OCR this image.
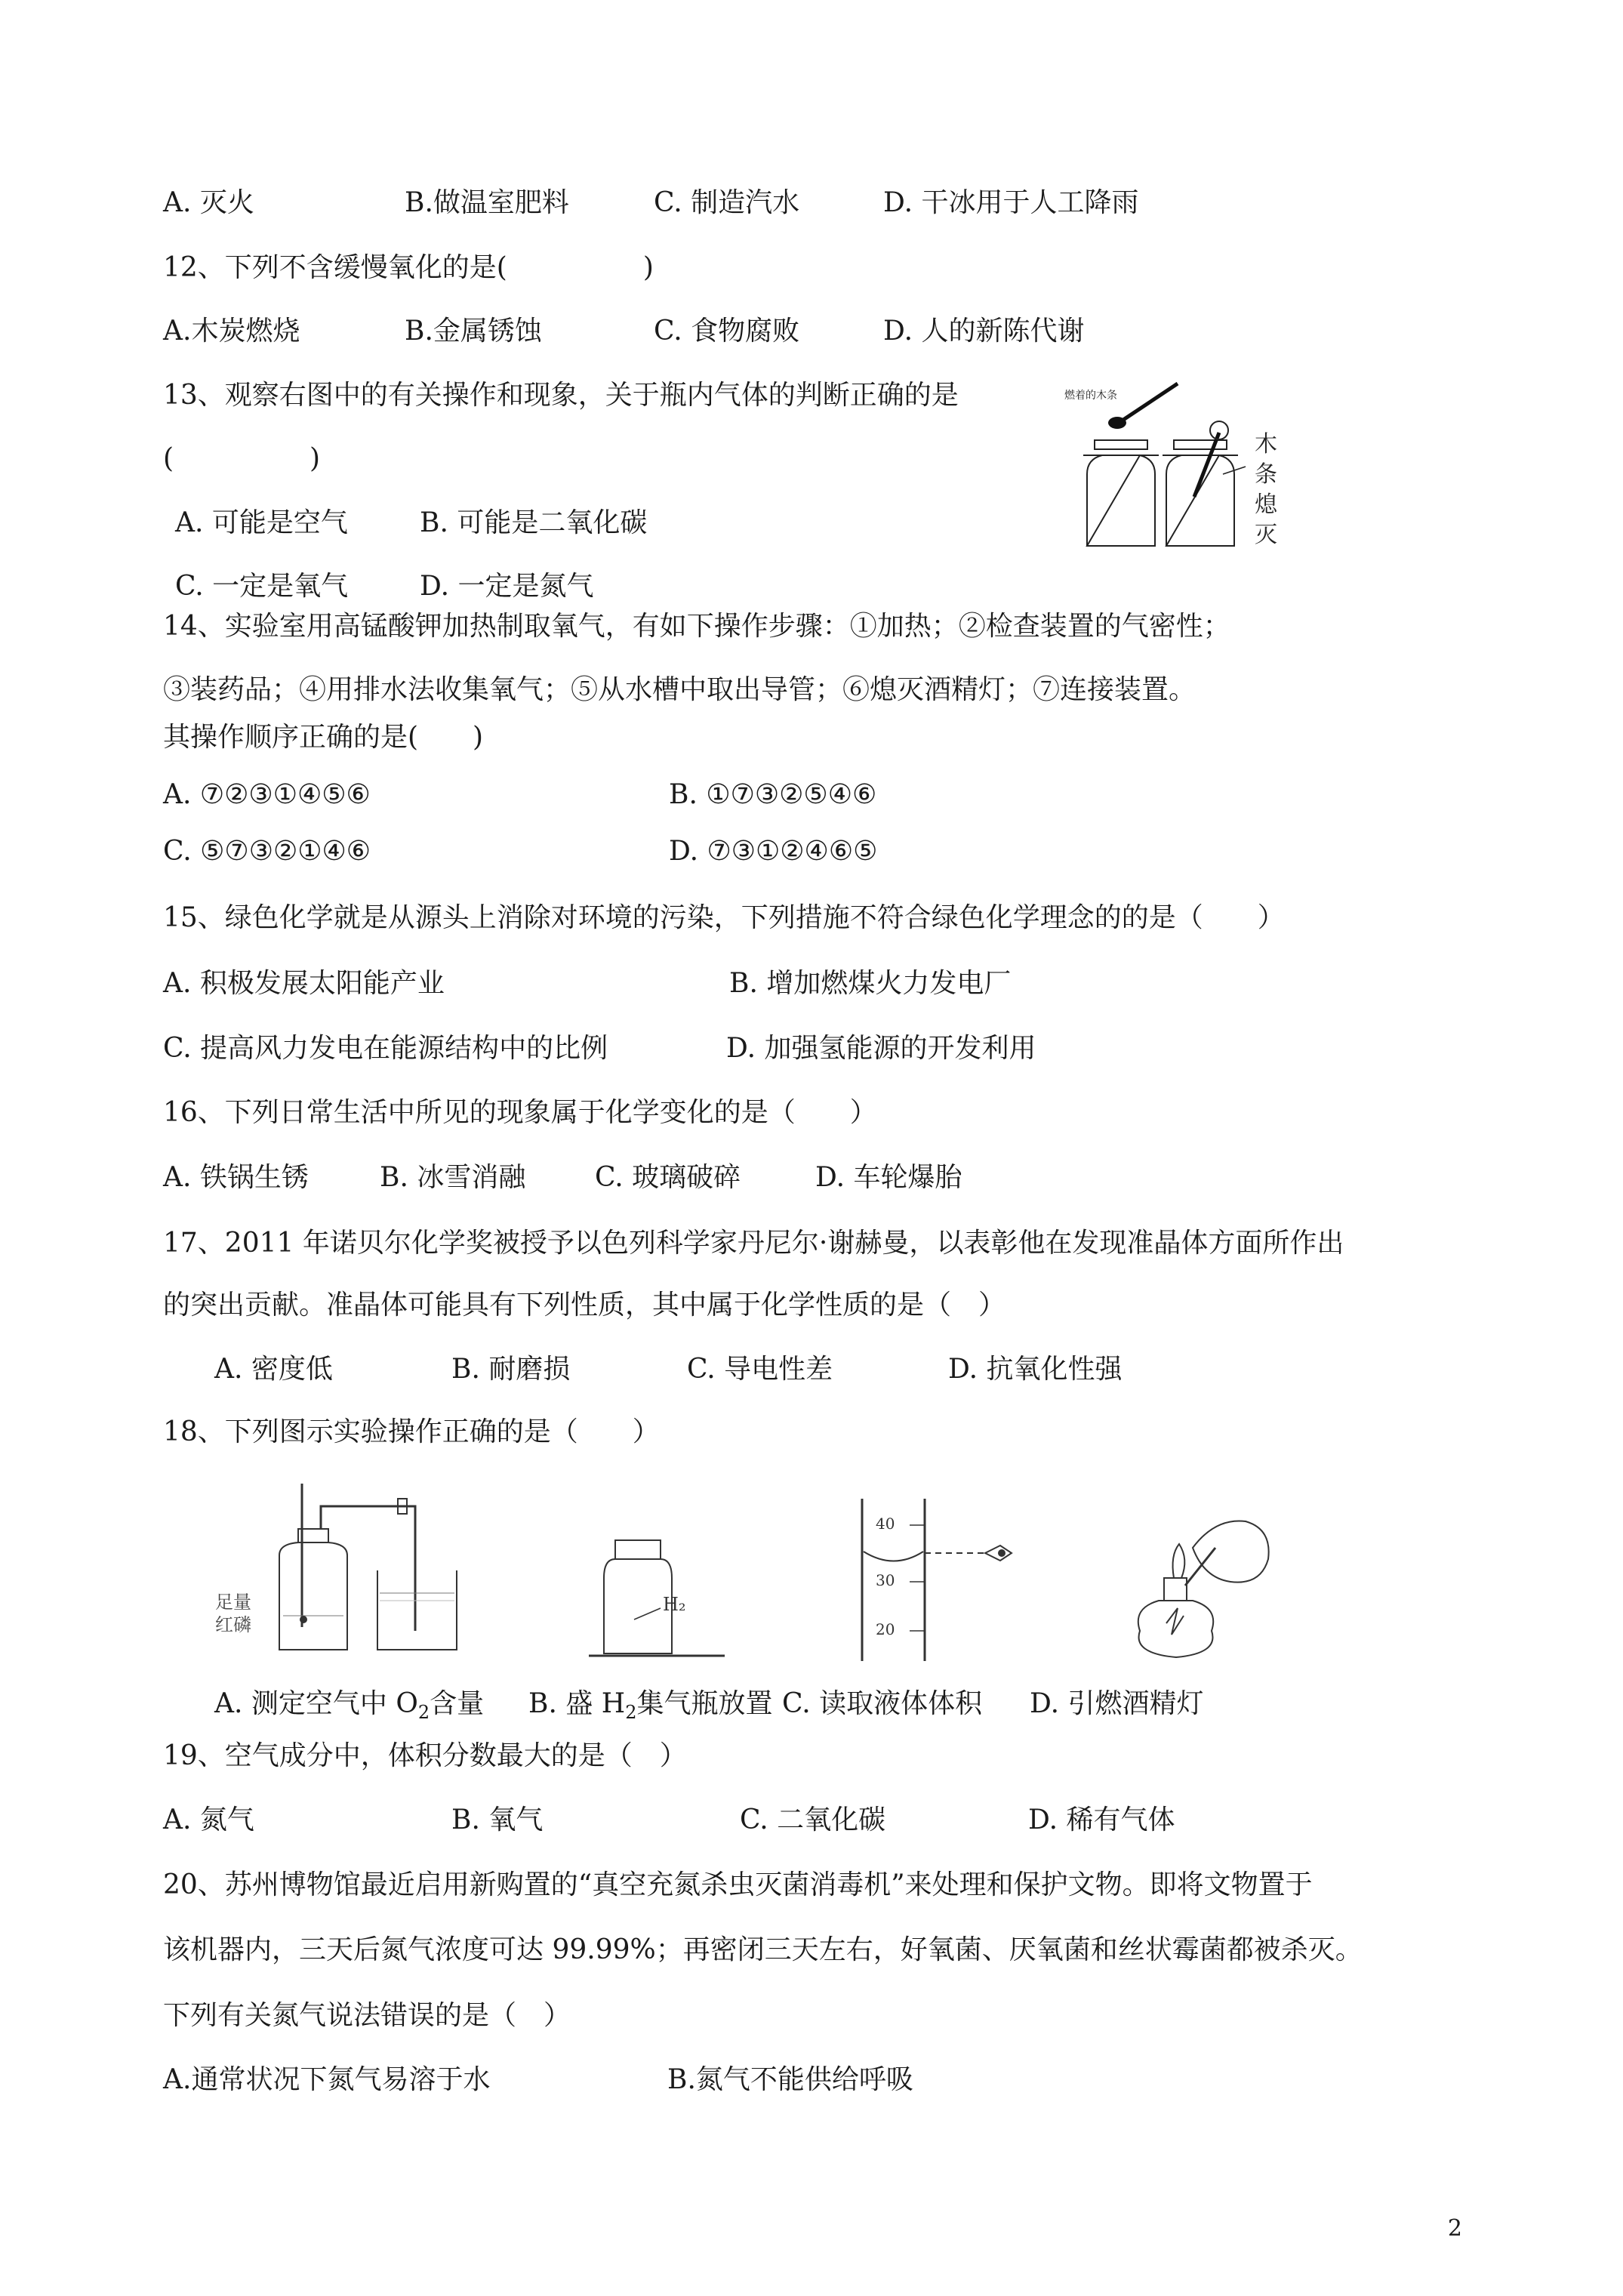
A. 灭火	B.做温室肥料	C. 制造汽水	D. 干冰用于人工降雨
12、下列不含缓慢氧化的是(　　　　　)
A.木炭燃烧	B.金属锈蚀	C. 食物腐败	D. 人的新陈代谢
13、观察右图中的有关操作和现象，关于瓶内气体的判断正确的是
(　　　　　)
A. 可能是空气	B. 可能是二氧化碳
C. 一定是氧气	D. 一定是氮气
燃着的木条
木
条
熄
灭
14、实验室用高锰酸钾加热制取氧气，有如下操作步骤：①加热；②检查装置的气密性；
③装药品；④用排水法收集氧气；⑤从水槽中取出导管；⑥熄灭酒精灯；⑦连接装置。
其操作顺序正确的是(　　)
A. ⑦②③①④⑤⑥	B. ①⑦③②⑤④⑥
C. ⑤⑦③②①④⑥	D. ⑦③①②④⑥⑤
15、绿色化学就是从源头上消除对环境的污染，下列措施不符合绿色化学理念的的是（　　）
A. 积极发展太阳能产业	B. 增加燃煤火力发电厂
C. 提高风力发电在能源结构中的比例	D. 加强氢能源的开发利用
16、下列日常生活中所见的现象属于化学变化的是（　　）
A. 铁锅生锈	B. 冰雪消融	C. 玻璃破碎	D. 车轮爆胎
17、2011 年诺贝尔化学奖被授予以色列科学家丹尼尔·谢赫曼，以表彰他在发现准晶体方面所作出
的突出贡献。准晶体可能具有下列性质，其中属于化学性质的是（　）
A. 密度低	B. 耐磨损	C. 导电性差	D. 抗氧化性强
18、下列图示实验操作正确的是（　　）
足量
红磷
H₂
40
30
20
A. 测定空气中 $O_2$含量 B. 盛 $H_2$集气瓶放置 C. 读取液体体积 D. 引燃酒精灯
19、空气成分中，体积分数最大的是（　）
A. 氮气	B. 氧气	C. 二氧化碳	D. 稀有气体
20、苏州博物馆最近启用新购置的“真空充氮杀虫灭菌消毒机”来处理和保护文物。即将文物置于
该机器内，三天后氮气浓度可达 99.99%；再密闭三天左右，好氧菌、厌氧菌和丝状霉菌都被杀灭。
下列有关氮气说法错误的是（　）
A.通常状况下氮气易溶于水	B.氮气不能供给呼吸
2
